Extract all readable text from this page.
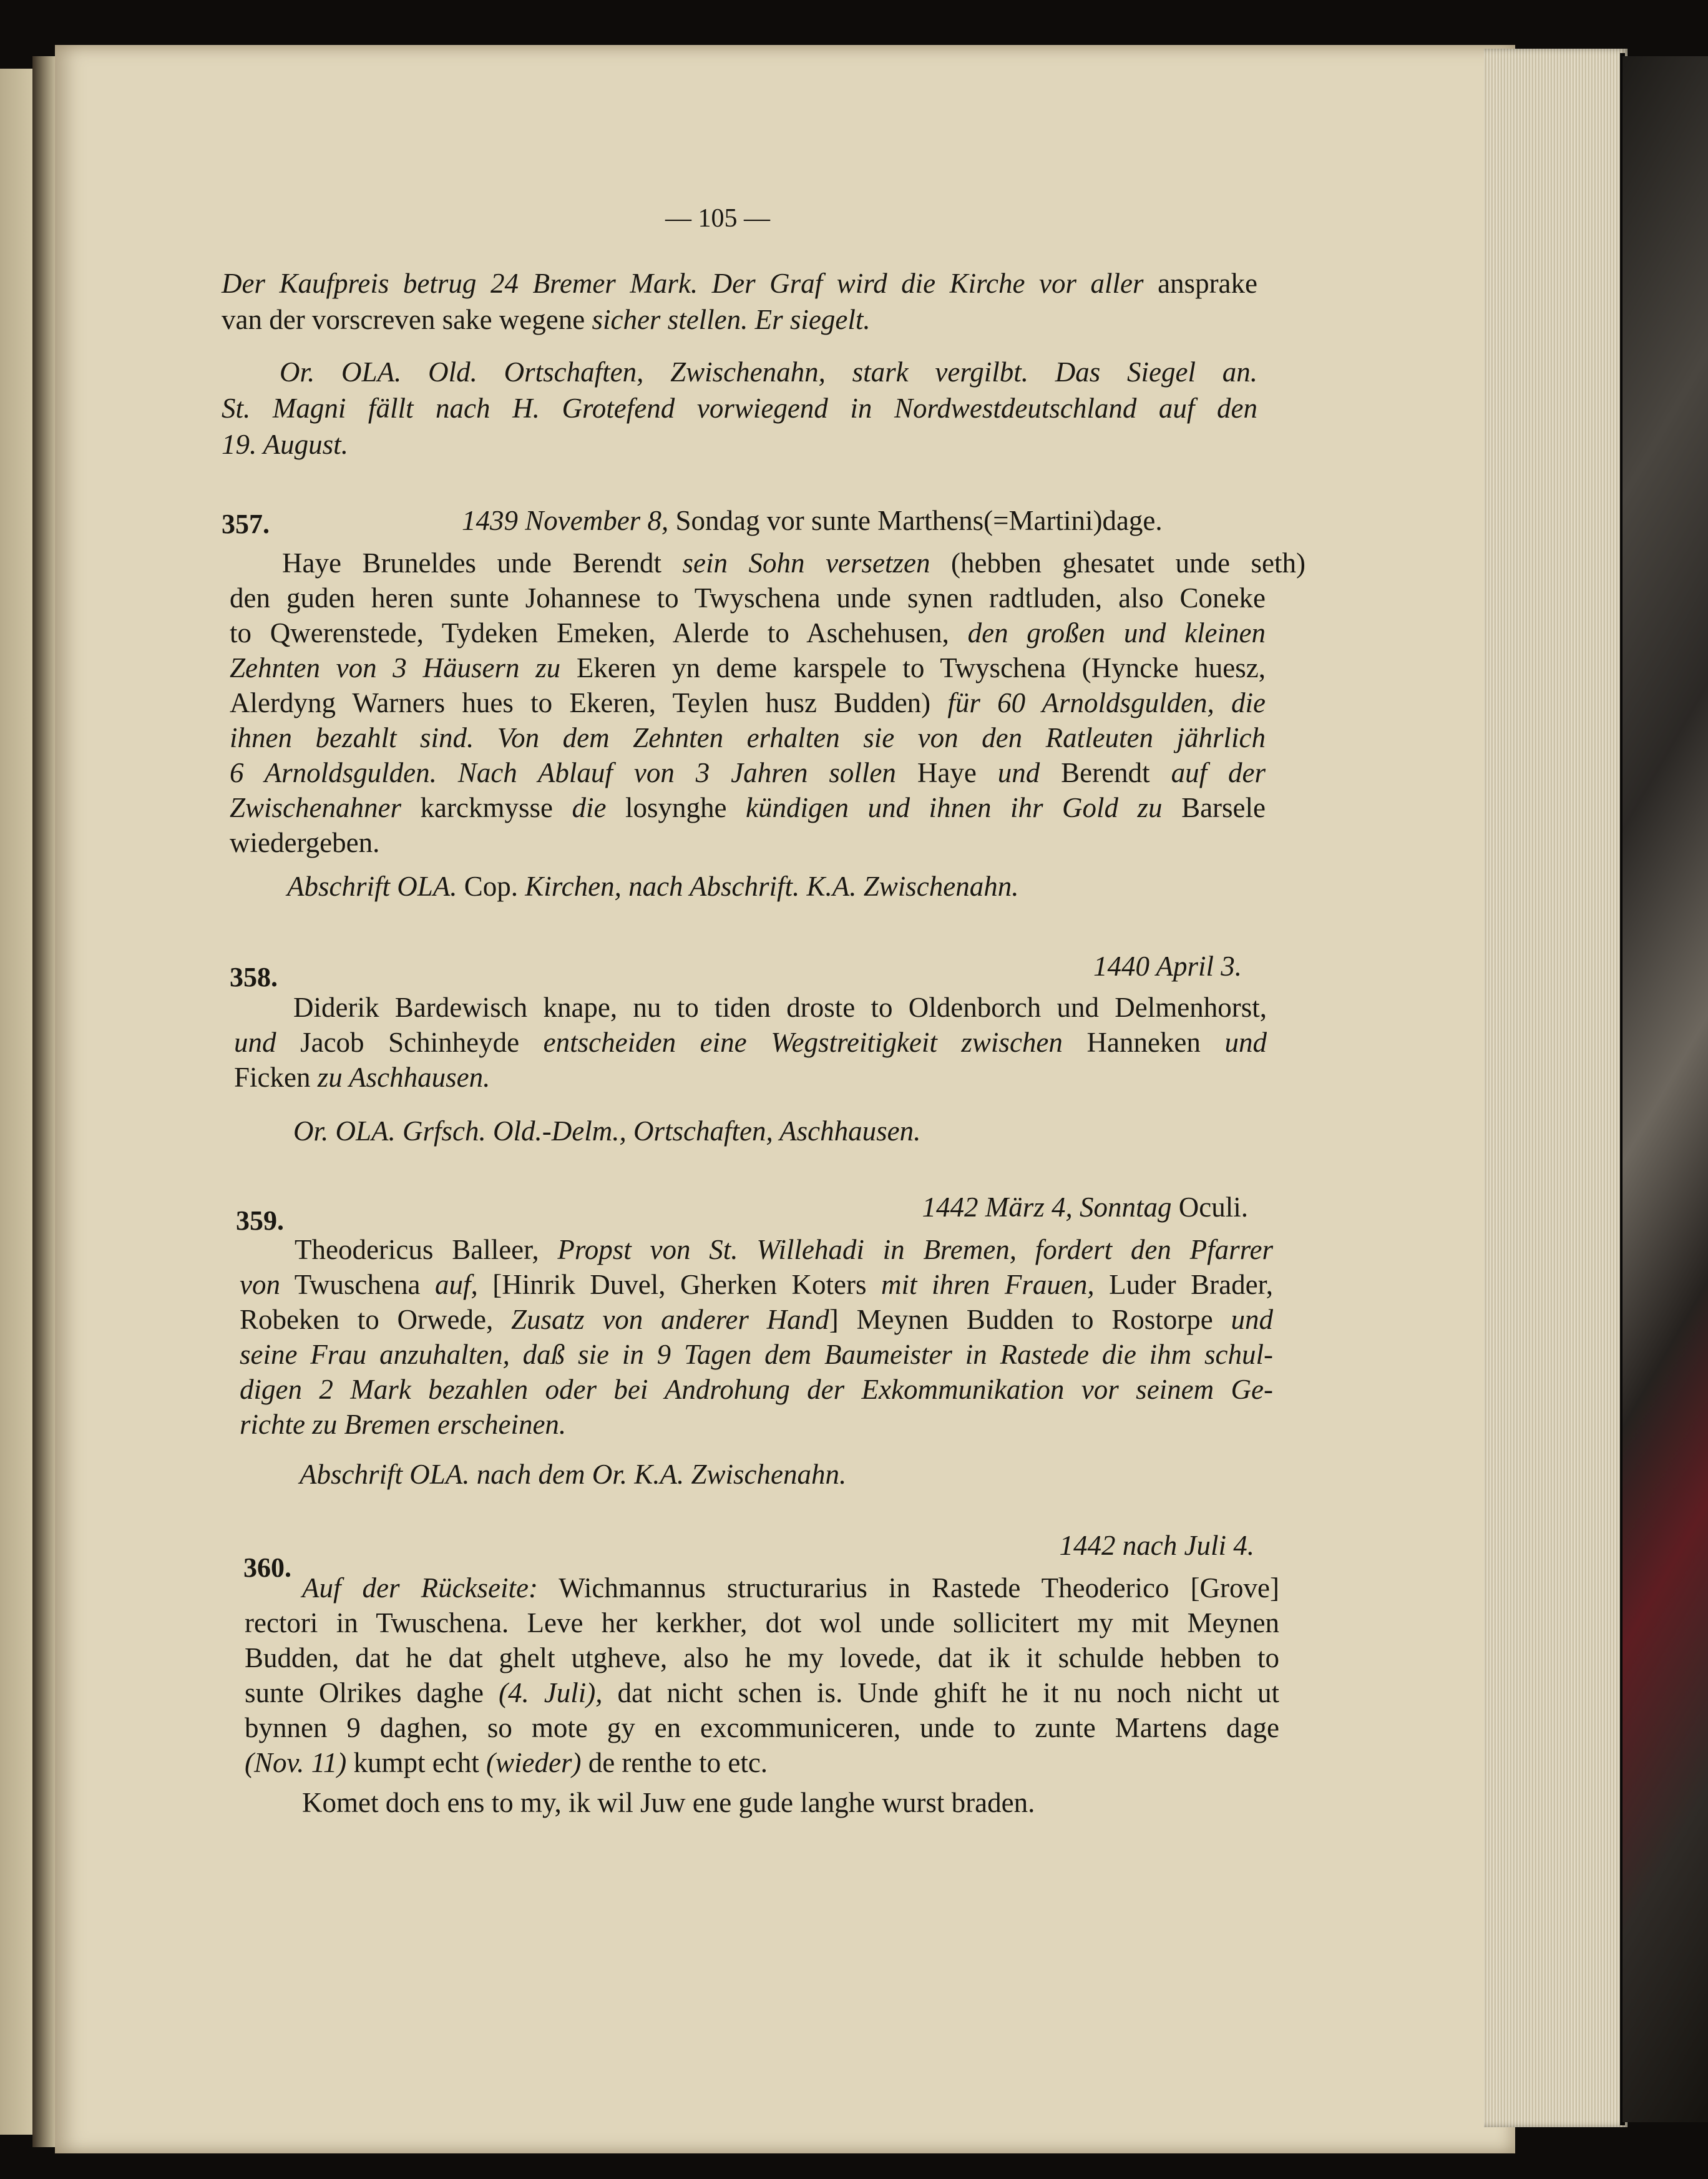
— 105 —

Der Kaufpreis betrug 24 Bremer Mark. Der Graf wird die Kirche vor aller ansprake

van der vorscreven sake wegene sicher stellen. Er siegelt.

Or. OLA. Old. Ortschaften, Zwischenahn, stark vergilbt. Das Siegel an.

St. Magni fällt nach H. Grotefend vorwiegend in Nordwestdeutschland auf den

19. August.

357.	1439 November 8, Sondag vor sunte Marthens(=Martini)dage.

Haye Bruneldes unde Berendt sein Sohn versetzen (hebben ghesatet unde seth)

den guden heren sunte Johannese to Twyschena unde synen radtluden, also Coneke

to Qwerenstede, Tydeken Emeken, Alerde to Aschehusen, den großen und kleinen

Zehnten von 3 Häusern zu Ekeren yn deme karspele to Twyschena (Hyncke huesz,

Alerdyng Warners hues to Ekeren, Teylen husz Budden) für 60 Arnoldsgulden, die

ihnen bezahlt sind. Von dem Zehnten erhalten sie von den Ratleuten jährlich

6 Arnoldsgulden. Nach Ablauf von 3 Jahren sollen Haye und Berendt auf der

Zwischenahner karckmysse die losynghe kündigen und ihnen ihr Gold zu Barsele

wiedergeben.

Abschrift OLA. Cop. Kirchen, nach Abschrift. K.A. Zwischenahn.

358.	1440 April 3.

Diderik Bardewisch knape, nu to tiden droste to Oldenborch und Delmenhorst,

und Jacob Schinheyde entscheiden eine Wegstreitigkeit zwischen Hanneken und

Ficken zu Aschhausen.

Or. OLA. Grfsch. Old.-Delm., Ortschaften, Aschhausen.

359.	1442 März 4, Sonntag Oculi.

Theodericus Balleer, Propst von St. Willehadi in Bremen, fordert den Pfarrer

von Twuschena auf, [Hinrik Duvel, Gherken Koters mit ihren Frauen, Luder Brader,

Robeken to Orwede, Zusatz von anderer Hand] Meynen Budden to Rostorpe und

seine Frau anzuhalten, daß sie in 9 Tagen dem Baumeister in Rastede die ihm schul-

digen 2 Mark bezahlen oder bei Androhung der Exkommunikation vor seinem Ge-

richte zu Bremen erscheinen.

Abschrift OLA. nach dem Or. K.A. Zwischenahn.

360.

1442 nach Juli 4.

Auf der Rückseite: Wichmannus structurarius in Rastede Theoderico [Grove]

rectori in Twuschena. Leve her kerkher, dot wol unde sollicitert my mit Meynen

Budden, dat he dat ghelt utgheve, also he my lovede, dat ik it schulde hebben to

sunte Olrikes daghe (4. Juli), dat nicht schen is. Unde ghift he it nu noch nicht ut

bynnen 9 daghen, so mote gy en excommuniceren, unde to zunte Martens dage

(Nov. 11) kumpt echt (wieder) de renthe to etc.

Komet doch ens to my, ik wil Juw ene gude langhe wurst braden.
